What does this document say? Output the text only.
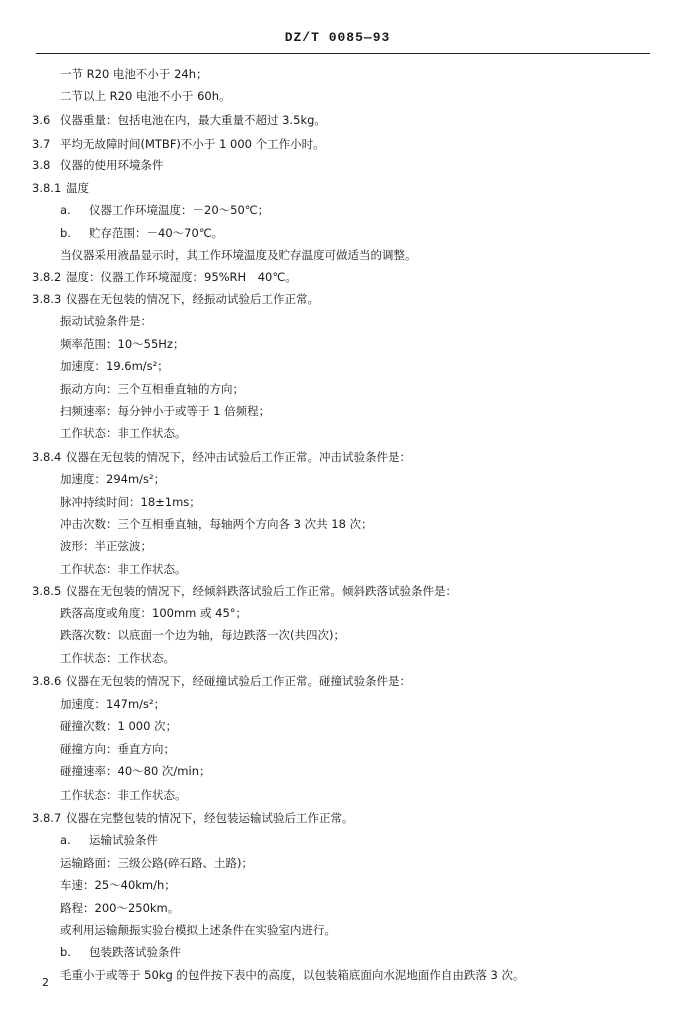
DZ/T 0085—93
一节 R20 电池不小于 24h；
二节以上 R20 电池不小于 60h。
3.6 仪器重量：包括电池在内，最大重量不超过 3.5kg。
3.7 平均无故障时间(MTBF)不小于 1 000 个工作小时。
3.8 仪器的使用环境条件
3.8.1 温度
a. 仪器工作环境温度：－20～50℃；
b. 贮存范围：－40～70℃。
当仪器采用液晶显示时，其工作环境温度及贮存温度可做适当的调整。
3.8.2 湿度：仪器工作环境湿度：95%RH　40℃。
3.8.3 仪器在无包装的情况下，经振动试验后工作正常。
振动试验条件是：
频率范围：10～55Hz；
加速度：19.6m/s²；
振动方向：三个互相垂直轴的方向；
扫频速率：每分钟小于或等于 1 倍频程；
工作状态：非工作状态。
3.8.4 仪器在无包装的情况下，经冲击试验后工作正常。冲击试验条件是：
加速度：294m/s²；
脉冲持续时间：18±1ms；
冲击次数：三个互相垂直轴，每轴两个方向各 3 次共 18 次；
波形：半正弦波；
工作状态：非工作状态。
3.8.5 仪器在无包装的情况下，经倾斜跌落试验后工作正常。倾斜跌落试验条件是：
跌落高度或角度：100mm 或 45°；
跌落次数：以底面一个边为轴，每边跌落一次(共四次)；
工作状态：工作状态。
3.8.6 仪器在无包装的情况下，经碰撞试验后工作正常。碰撞试验条件是：
加速度：147m/s²；
碰撞次数：1 000 次；
碰撞方向：垂直方向；
碰撞速率：40～80 次/min；
工作状态：非工作状态。
3.8.7 仪器在完整包装的情况下，经包装运输试验后工作正常。
a. 运输试验条件
运输路面：三级公路(碎石路、土路)；
车速：25～40km/h；
路程：200～250km。
或利用运输颠振实验台模拟上述条件在实验室内进行。
b. 包装跌落试验条件
毛重小于或等于 50kg 的包件按下表中的高度，以包装箱底面向水泥地面作自由跌落 3 次。
2
